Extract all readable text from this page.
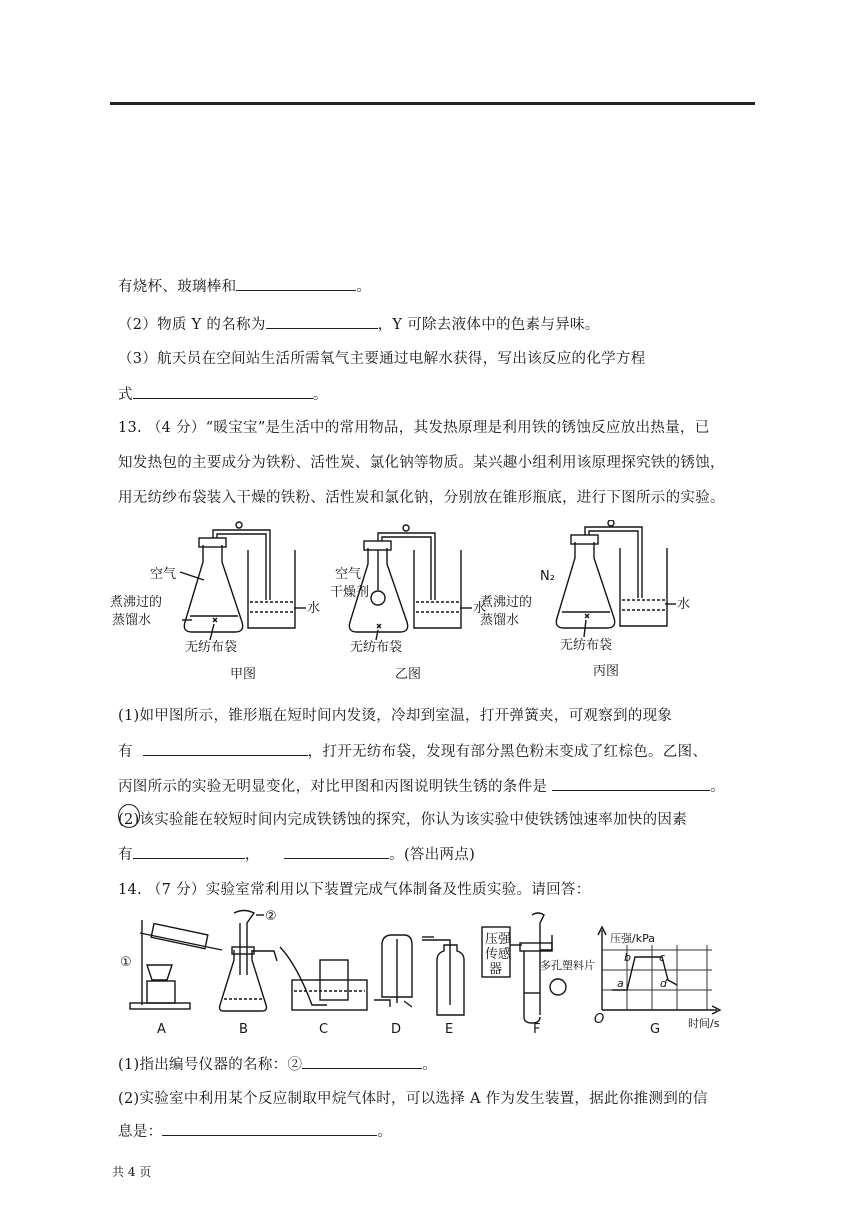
有烧杯、玻璃棒和	。
（2）物质 Y 的名称为	，Y 可除去液体中的色素与异味。
（3）航天员在空间站生活所需氧气主要通过电解水获得，写出该反应的化学方程
式	。
13. （4 分）“暖宝宝”是生活中的常用物品，其发热原理是利用铁的锈蚀反应放出热量，已
知发热包的主要成分为铁粉、活性炭、氯化钠等物质。某兴趣小组利用该原理探究铁的锈蚀，
用无纺纱布袋装入干燥的铁粉、活性炭和氯化钠，分别放在锥形瓶底，进行下图所示的实验。
空气
煮沸过的
蒸馏水
水
无纺布袋
甲图
空气
干燥剂
水
无纺布袋
乙图
N₂
煮沸过的
蒸馏水
水
无纺布袋
丙图
(1)如甲图所示，锥形瓶在短时间内发烫，冷却到室温，打开弹簧夹，可观察到的现象
有	，打开无纺布袋，发现有部分黑色粉末变成了红棕色。乙图、
丙图所示的实验无明显变化，对比甲图和丙图说明铁生锈的条件是	。
(2)该实验能在较短时间内完成铁锈蚀的探究，你认为该实验中使铁锈蚀速率加快的因素
有	，	。(答出两点)
14. （7 分）实验室常利用以下装置完成气体制备及性质实验。请回答：
①
A
②
B	C	D	E
压强
传感
器	多孔塑料片
F
压强/kPa
时间/s
O
a
b	c
d
G
(1)指出编号仪器的名称：②	。
(2)实验室中利用某个反应制取甲烷气体时，可以选择 A 作为发生装置，据此你推测到的信
息是：	。
共 4 页
